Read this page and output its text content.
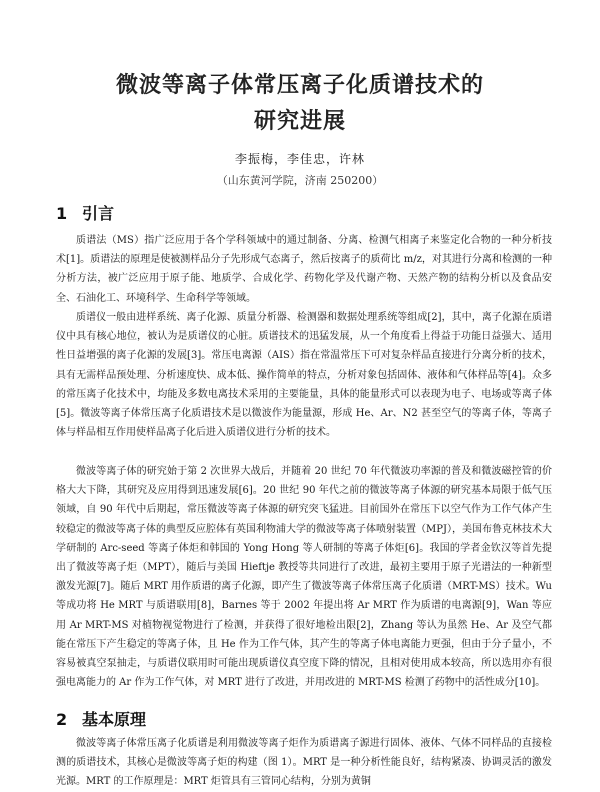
微波等离子体常压离子化质谱技术的
研究进展
李振梅，李佳忠，许林
（山东黄河学院，济南 250200）
1 引言

质谱法（MS）指广泛应用于各个学科领域中的通过制备、分离、检测气相离子来鉴定化合物的一种分析技术[1]。质谱法的原理是使被测样品分子先形成气态离子，然后按离子的质荷比 m/z，对其进行分离和检测的一种分析方法，被广泛应用于原子能、地质学、合成化学、药物化学及代谢产物、天然产物的结构分析以及食品安全、石油化工、环境科学、生命科学等领域。

质谱仪一般由进样系统、离子化源、质量分析器、检测器和数据处理系统等组成[2]，其中，离子化源在质谱仪中具有核心地位，被认为是质谱仪的心脏。质谱技术的迅猛发展，从一个角度看上得益于功能日益强大、适用性日益增强的离子化源的发展[3]。常压电离源（AIS）指在常温常压下可对复杂样品直接进行分离分析的技术，具有无需样品预处理、分析速度快、成本低、操作简单的特点，分析对象包括固体、液体和气体样品等[4]。众多的常压离子化技术中，均能及多数电离技术采用的主要能量，具体的能量形式可以表现为电子、电场或等离子体[5]。微波等离子体常压离子化质谱技术是以微波作为能量源，形成 He、Ar、N2 甚至空气的等离子体，等离子体与样品相互作用使样品离子化后进入质谱仪进行分析的技术。

微波等离子体的研究始于第 2 次世界大战后，并随着 20 世纪 70 年代微波功率源的普及和微波磁控管的价格大大下降，其研究及应用得到迅速发展[6]。20 世纪 90 年代之前的微波等离子体源的研究基本局限于低气压领域，自 90 年代中后期起，常压微波等离子体源的研究突飞猛进。目前国外在常压下以空气作为工作气体产生较稳定的微波等离子体的典型反应腔体有英国利物浦大学的微波等离子体喷射装置（MPJ），美国布鲁克林技术大学研制的 Arc-seed 等离子体炬和韩国的 Yong Hong 等人研制的等离子体炬[6]。我国的学者金钦汉等首先提出了微波等离子炬（MPT），随后与美国 Hieftje 教授等共同进行了改进，最初主要用于原子光谱法的一种新型激发光源[7]。随后 MRT 用作质谱的离子化源，即产生了微波等离子体常压离子化质谱（MRT-MS）技术。Wu 等成功将 He MRT 与质谱联用[8]，Barnes 等于 2002 年提出将 Ar MRT 作为质谱的电离源[9]，Wan 等应用 Ar MRT-MS 对植物视觉物进行了检测，并获得了很好地检出限[2]，Zhang 等认为虽然 He、Ar 及空气都能在常压下产生稳定的等离子体，且 He 作为工作气体，其产生的等离子体电离能力更强，但由于分子量小，不容易被真空泵抽走，与质谱仪联用时可能出现质谱仪真空度下降的情况，且相对使用成本较高，所以选用亦有很强电离能力的 Ar 作为工作气体，对 MRT 进行了改进，并用改进的 MRT-MS 检测了药物中的活性成分[10]。

2 基本原理

微波等离子体常压离子化质谱是利用微波等离子炬作为质谱离子源进行固体、液体、气体不同样品的直接检测的质谱技术，其核心是微波等离子炬的构建（图 1）。MRT 是一种分析性能良好，结构紧凑、协调灵活的激发光源。MRT 的工作原理是：MRT 炬管具有三管同心结构，分别为黄铜
